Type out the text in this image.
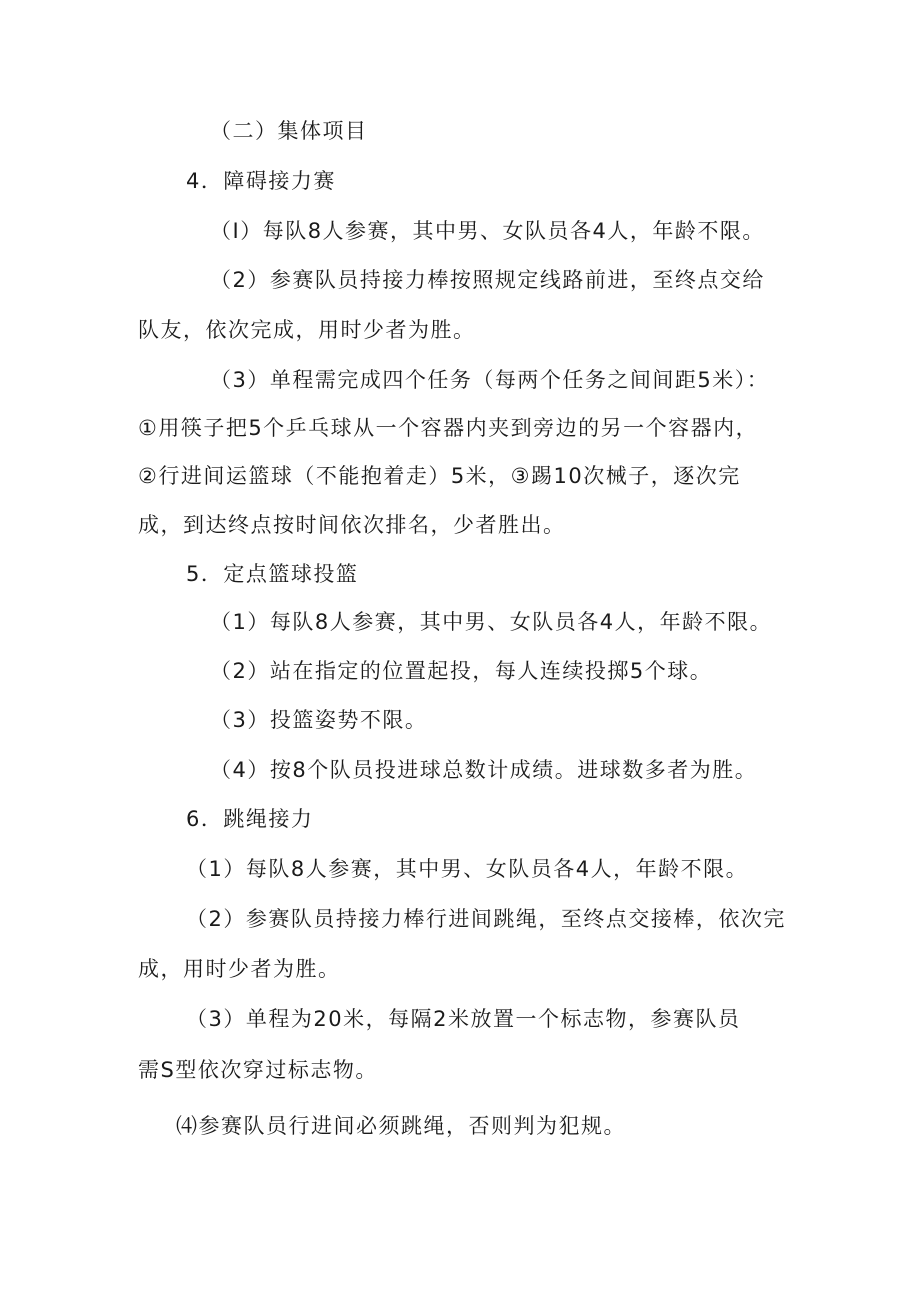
（二）集体项目
4．障碍接力赛
（I）每队8人参赛，其中男、女队员各4人，年龄不限。
（2）参赛队员持接力棒按照规定线路前进，至终点交给
队友，依次完成，用时少者为胜。
（3）单程需完成四个任务（每两个任务之间间距5米）：
①用筷子把5个乒乓球从一个容器内夹到旁边的另一个容器内，
②行进间运篮球（不能抱着走）5米，③踢10次械子，逐次完
成，到达终点按时间依次排名，少者胜出。
5．定点篮球投篮
（1）每队8人参赛，其中男、女队员各4人，年龄不限。
（2）站在指定的位置起投，每人连续投掷5个球。
（3）投篮姿势不限。
（4）按8个队员投进球总数计成绩。进球数多者为胜。
6．跳绳接力
（1）每队8人参赛，其中男、女队员各4人，年龄不限。
（2）参赛队员持接力棒行进间跳绳，至终点交接棒，依次完
成，用时少者为胜。
（3）单程为20米，每隔2米放置一个标志物，参赛队员
需S型依次穿过标志物。
⑷参赛队员行进间必须跳绳，否则判为犯规。
